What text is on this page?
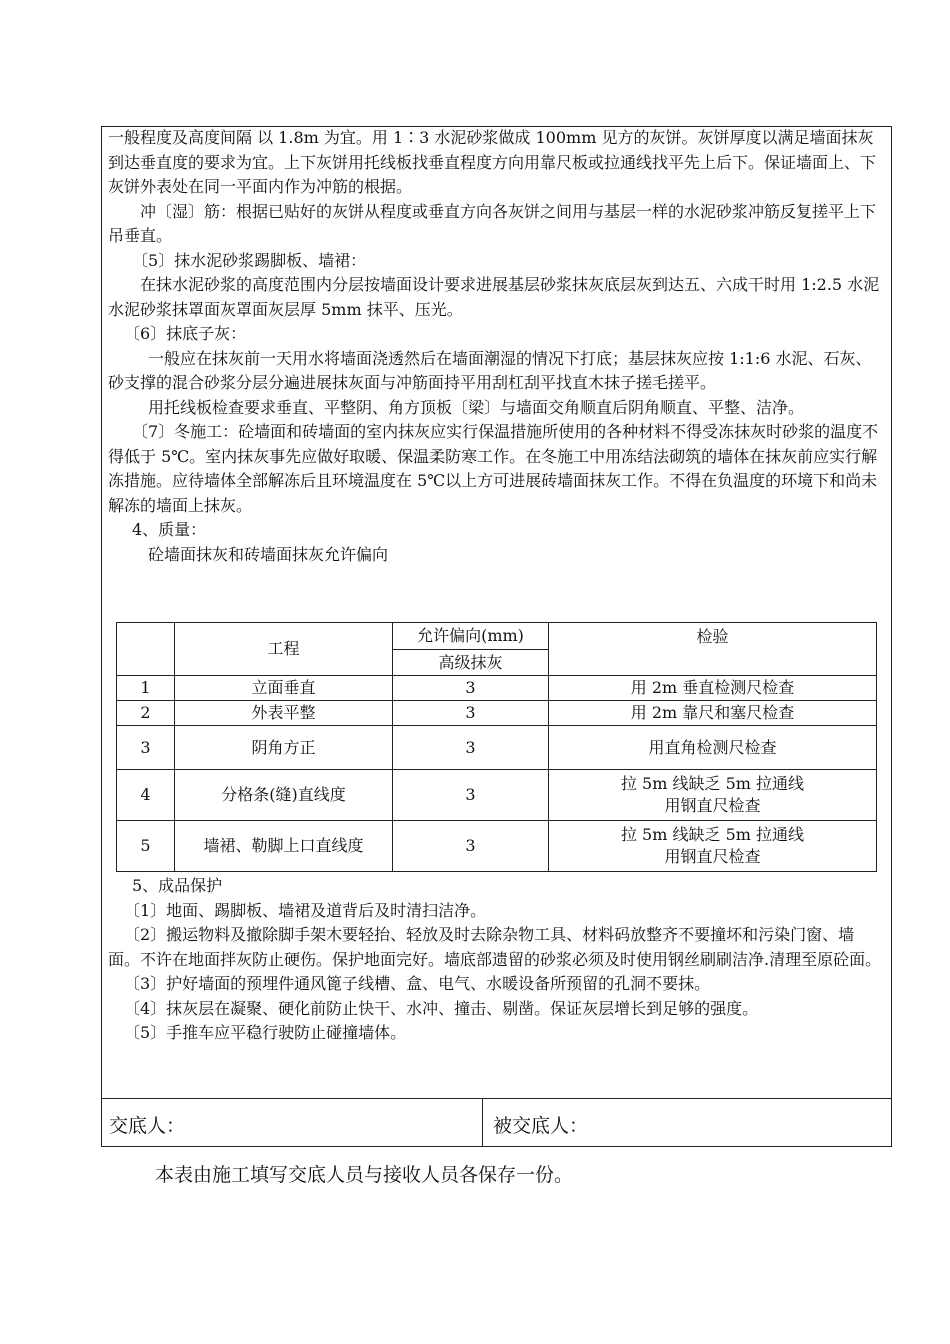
一般程度及高度间隔 以 1.8m 为宜。用 1∶3 水泥砂浆做成 100mm 见方的灰饼。灰饼厚度以满足墙面抹灰到达垂直度的要求为宜。上下灰饼用托线板找垂直程度方向用靠尺板或拉通线找平先上后下。保证墙面上、下灰饼外表处在同一平面内作为冲筋的根据。

冲〔湿〕筋：根据已贴好的灰饼从程度或垂直方向各灰饼之间用与基层一样的水泥砂浆冲筋反复搓平上下吊垂直。

〔5〕抹水泥砂浆踢脚板、墙裙：

在抹水泥砂浆的高度范围内分层按墙面设计要求进展基层砂浆抹灰底层灰到达五、六成干时用 1:2.5 水泥水泥砂浆抹罩面灰罩面灰层厚 5mm 抹平、压光。

〔6〕抹底子灰：

一般应在抹灰前一天用水将墙面浇透然后在墙面潮湿的情况下打底；基层抹灰应按 1:1:6 水泥、石灰、砂支撑的混合砂浆分层分遍进展抹灰面与冲筋面持平用刮杠刮平找直木抹子搓毛搓平。

用托线板检查要求垂直、平整阴、角方顶板〔梁〕与墙面交角顺直后阴角顺直、平整、洁净。

〔7〕冬施工：砼墙面和砖墙面的室内抹灰应实行保温措施所使用的各种材料不得受冻抹灰时砂浆的温度不得低于 5℃。室内抹灰事先应做好取暖、保温柔防寒工作。在冬施工中用冻结法砌筑的墙体在抹灰前应实行解冻措施。应待墙体全部解冻后且环境温度在 5℃以上方可进展砖墙面抹灰工作。不得在负温度的环境下和尚未解冻的墙面上抹灰。

4、质量：

砼墙面抹灰和砖墙面抹灰允许偏向

	工程	允许偏向(mm)	检验
		高级抹灰	
1	立面垂直	3	用 2m 垂直检测尺检查
2	外表平整	3	用 2m 靠尺和塞尺检查
3	阴角方正	3	用直角检测尺检查
4	分格条(缝)直线度	3	拉 5m 线缺乏 5m 拉通线
用钢直尺检查

5	墙裙、勒脚上口直线度	3	拉 5m 线缺乏 5m 拉通线
用钢直尺检查

5、成品保护

〔1〕地面、踢脚板、墙裙及道背后及时清扫洁净。

〔2〕搬运物料及撤除脚手架木要轻抬、轻放及时去除杂物工具、材料码放整齐不要撞坏和污染门窗、墙面。不许在地面拌灰防止硬伤。保护地面完好。墙底部遗留的砂浆必须及时使用钢丝刷刷洁净.清理至原砼面。

〔3〕护好墙面的预埋件通风篦子线槽、盒、电气、水暖设备所预留的孔洞不要抹。

〔4〕抹灰层在凝聚、硬化前防止快干、水冲、撞击、剔凿。保证灰层增长到足够的强度。

〔5〕手推车应平稳行驶防止碰撞墙体。

交底人：	被交底人：
本表由施工填写交底人员与接收人员各保存一份。
